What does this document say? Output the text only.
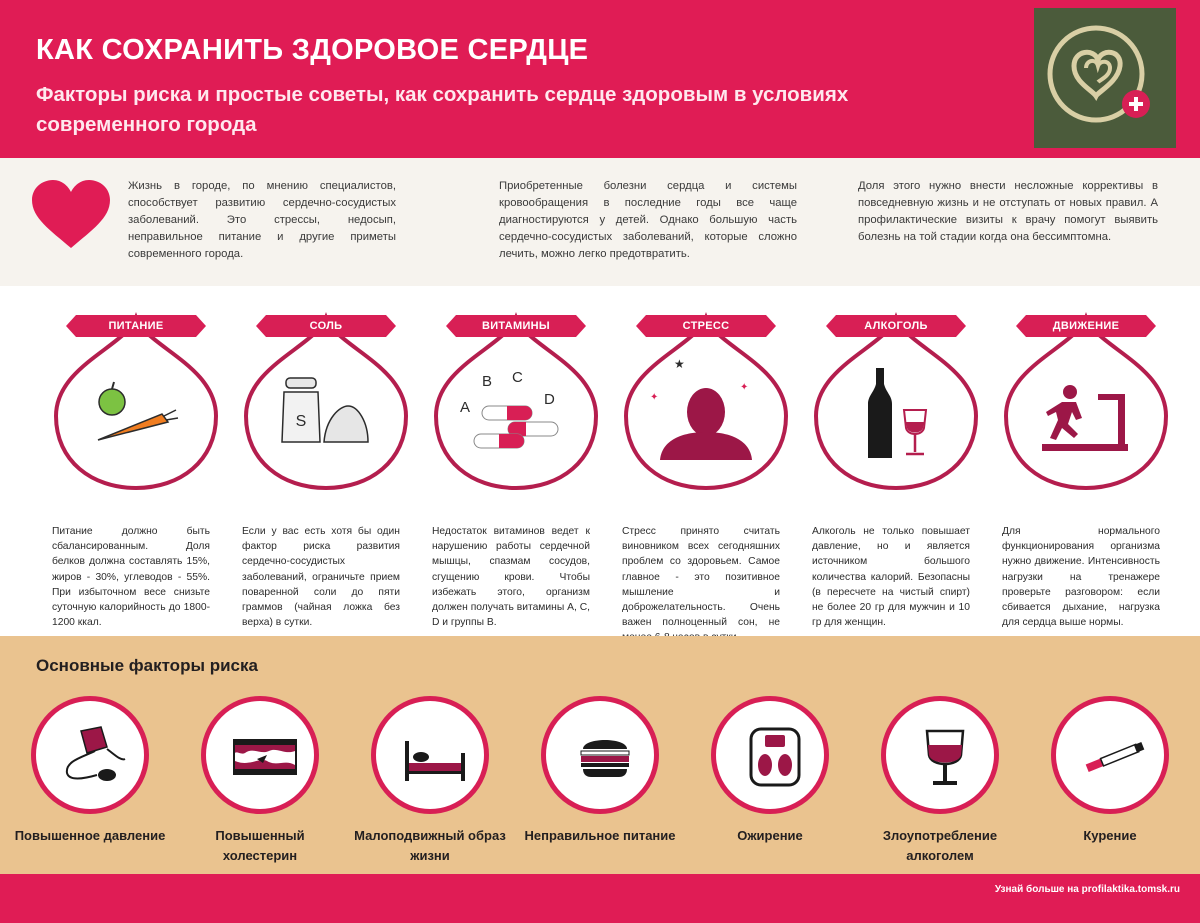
КАК СОХРАНИТЬ ЗДОРОВОЕ СЕРДЦЕ
Факторы риска и простые советы, как сохранить сердце здоровым в условиях современного города
Жизнь в городе, по мнению специалистов, способствует развитию сердечно-сосудистых заболеваний. Это стрессы, недосып, неправильное питание и другие приметы современного города.
Приобретенные болезни сердца и системы кровообращения в последние годы все чаще диагностируются у детей. Однако большую часть сердечно-сосудистых заболеваний, которые сложно лечить, можно легко предотвратить.
Доля этого нужно внести несложные коррективы в повседневную жизнь и не отступать от новых правил. А профилактические визиты к врачу помогут выявить болезнь на той стадии когда она бессимптомна.
ПИТАНИЕ
Питание должно быть сбалансированным. Доля белков должна составлять 15%, жиров - 30%, углеводов - 55%. При избыточном весе снизьте суточную калорийность до 1800-1200 ккал.
СОЛЬ
S
Если у вас есть хотя бы один фактор риска развития сердечно-сосудистых заболеваний, ограничьте прием поваренной соли до пяти граммов (чайная ложка без верха) в сутки.
ВИТАМИНЫ
A
B C
D
Недостаток витаминов ведет к нарушению работы сердечной мышцы, спазмам сосудов, сгущению крови. Чтобы избежать этого, организм должен получать витамины A, C, D и группы B.
СТРЕСС
★
✦
✦
Стресс принято считать виновником всех сегодняшних проблем со здоровьем. Самое главное - это позитивное мышление и доброжелательность. Очень важен полноценный сон, не
АЛКОГОЛЬ
Алкоголь не только повышает давление, но и является источником большого количества калорий. Безопасны (в пересчете на чистый спирт) не более 20 гр для мужчин и 10 гр для женщин.
ДВИЖЕНИЕ
Для нормального функционирования организма нужно движение. Интенсивность нагрузки на тренажере проверьте разговором: если сбивается дыхание, нагрузка для сердца выше нормы.
Основные факторы риска
Повышенное давление	Повышенный холестерин
Малоподвижный образ жизни
Неправильное питание	Ожирение	Злоупотребление алкоголем
Курение
Узнай больше на profilaktika.tomsk.ru
